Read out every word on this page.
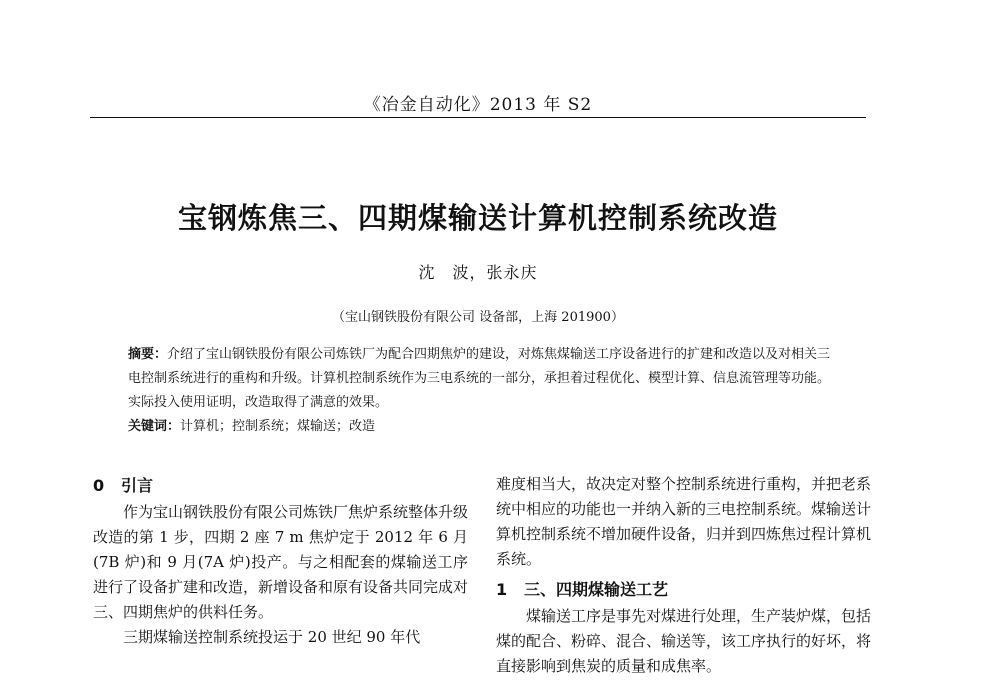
《冶金自动化》2013 年 S2
宝钢炼焦三、四期煤输送计算机控制系统改造
沈　波，张永庆
（宝山钢铁股份有限公司 设备部，上海 201900）
摘要：介绍了宝山钢铁股份有限公司炼铁厂为配合四期焦炉的建设，对炼焦煤输送工序设备进行的扩建和改造以及对相关三电控制系统进行的重构和升级。计算机控制系统作为三电系统的一部分，承担着过程优化、模型计算、信息流管理等功能。实际投入使用证明，改造取得了满意的效果。
关键词：计算机；控制系统；煤输送；改造
0 引言

作为宝山钢铁股份有限公司炼铁厂焦炉系统整体升级改造的第 1 步，四期 2 座 7 m 焦炉定于 2012 年 6 月(7B 炉)和 9 月(7A 炉)投产。与之相配套的煤输送工序进行了设备扩建和改造，新增设备和原有设备共同完成对三、四期焦炉的供料任务。

三期煤输送控制系统投运于 20 世纪 90 年代

难度相当大，故决定对整个控制系统进行重构，并把老系统中相应的功能也一并纳入新的三电控制系统。煤输送计算机控制系统不增加硬件设备，归并到四炼焦过程计算机系统。

1 三、四期煤输送工艺

煤输送工序是事先对煤进行处理，生产装炉煤，包括煤的配合、粉碎、混合、输送等，该工序执行的好坏，将直接影响到焦炭的质量和成焦率。
